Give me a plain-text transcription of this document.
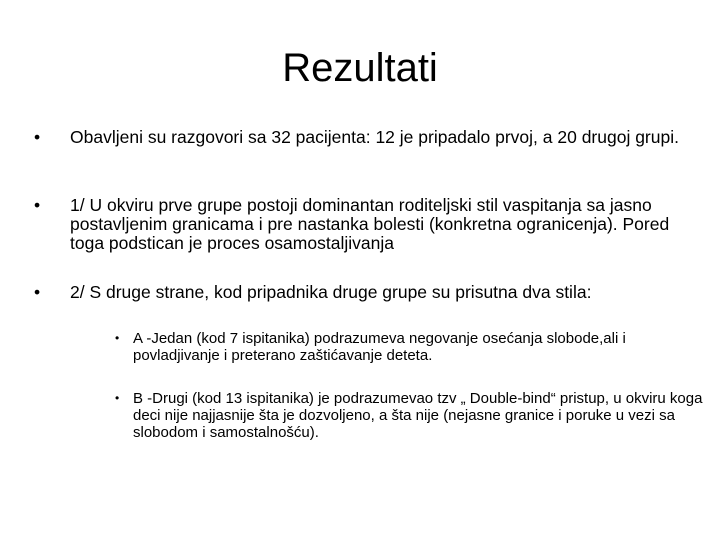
Rezultati
•	Obavljeni su razgovori sa 32 pacijenta: 12 je pripadalo prvoj, a 20 drugoj grupi.
•	1/ U okviru prve grupe postoji dominantan roditeljski stil vaspitanja sa jasno postavljenim granicama i pre nastanka bolesti (konkretna ogranicenja). Pored toga podstican je proces osamostaljivanja
•	2/ S druge strane, kod pripadnika druge grupe su prisutna dva stila:
• A -Jedan (kod 7 ispitanika) podrazumeva negovanje osećanja slobode,ali i povladjivanje i preterano zaštićavanje deteta.
• B -Drugi (kod 13 ispitanika) je podrazumevao tzv „ Double-bind“ pristup, u okviru koga deci nije najjasnije šta je dozvoljeno, a šta nije (nejasne granice i poruke u vezi sa slobodom i samostalnošću).
